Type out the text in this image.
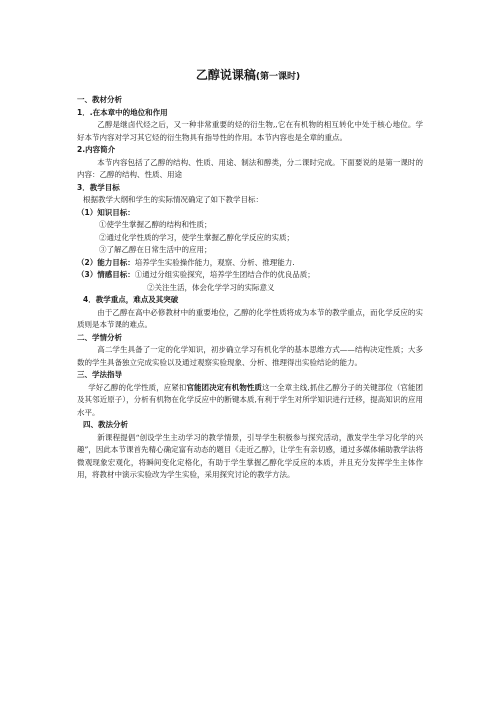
乙醇说课稿(第一课时)
一、教材分析
1．.在本章中的地位和作用
乙醇是继卤代烃之后，又一种非常重要的烃的衍生物,,它在有机物的相互转化中处于核心地位。学好本节内容对学习其它烃的衍生物具有指导性的作用。本节内容也是全章的重点。
2.内容简介
本节内容包括了乙醇的结构、性质、用途、制法和醇类，分二课时完成。下面要说的是第一课时的内容：乙醇的结构、性质、用途
3．教学目标
根据教学大纲和学生的实际情况确定了如下教学目标：
（1）知识目标：
①使学生掌握乙醇的结构和性质；
②通过化学性质的学习，使学生掌握乙醇化学反应的实质；
③了解乙醇在日常生活中的应用；
（2）能力目标：培养学生实验操作能力，观察、分析、推理能力.
（3）情感目标：①通过分组实验探究，培养学生团结合作的优良品质；
②关注生活，体会化学学习的实际意义
4．教学重点，难点及其突破
由于乙醇在高中必修教材中的重要地位，乙醇的化学性质将成为本节的教学重点，而化学反应的实质则是本节课的难点。
二、学情分析
高二学生具备了一定的化学知识，初步确立学习有机化学的基本思维方式——结构决定性质；大多数的学生具备独立完成实验以及通过观察实验现象、分析、推理得出实验结论的能力。
三、学法指导
学好乙醇的化学性质，应紧扣官能团决定有机物性质这一全章主线,抓住乙醇分子的关键部位（官能团及其邻近原子），分析有机物在化学反应中的断键本质,有利于学生对所学知识进行迁移，提高知识的应用水平。
四、教法分析
新课程提倡“创设学生主动学习的教学情景，引导学生积极参与探究活动，激发学生学习化学的兴趣”，因此本节课首先精心确定富有动态的题目《走近乙醇》，让学生有亲切感，通过多媒体辅助教学法将微观现象宏观化，将瞬间变化定格化，有助于学生掌握乙醇化学反应的本质，并且充分发挥学生主体作用，将教材中演示实验改为学生实验，采用探究讨论的教学方法。
